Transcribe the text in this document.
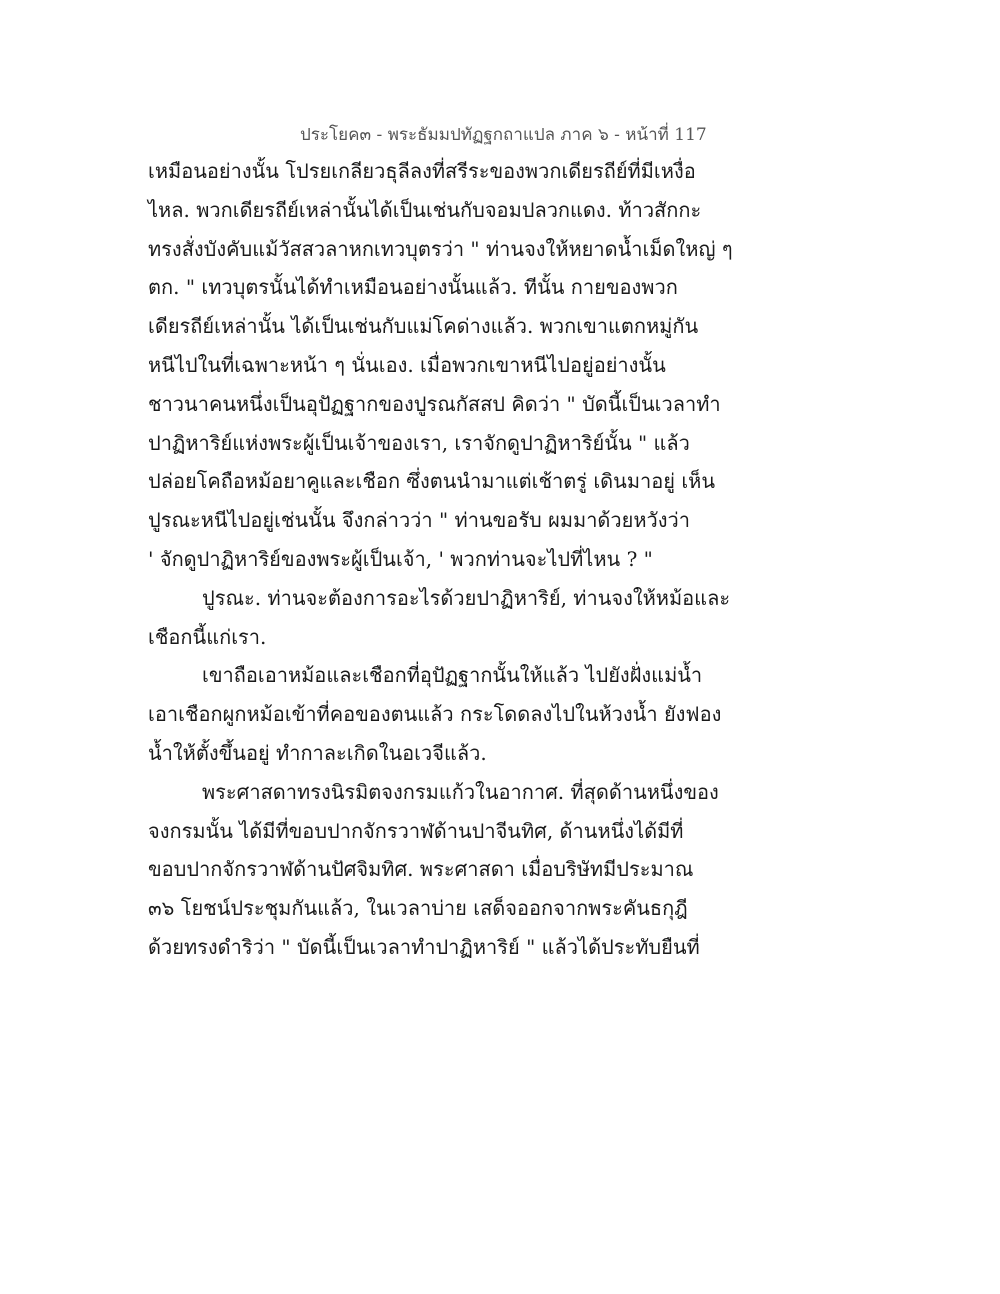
ประโยค๓ - พระธัมมปทัฏฐกถาแปล ภาค ๖ - หน้าที่ 117
เหมือนอย่างนั้น โปรยเกลียวธุลีลงที่สรีระของพวกเดียรถีย์ที่มีเหงื่อ
ไหล. พวกเดียรถีย์เหล่านั้นได้เป็นเช่นกับจอมปลวกแดง. ท้าวสักกะ
ทรงสั่งบังคับแม้วัสสวลาหกเทวบุตรว่า " ท่านจงให้หยาดน้ำเม็ดใหญ่ ๆ
ตก. " เทวบุตรนั้นได้ทำเหมือนอย่างนั้นแล้ว. ทีนั้น กายของพวก
เดียรถีย์เหล่านั้น ได้เป็นเช่นกับแม่โคด่างแล้ว. พวกเขาแตกหมู่กัน
หนีไปในที่เฉพาะหน้า ๆ นั่นเอง. เมื่อพวกเขาหนีไปอยู่อย่างนั้น
ชาวนาคนหนึ่งเป็นอุปัฏฐากของปูรณกัสสป คิดว่า " บัดนี้เป็นเวลาทำ
ปาฏิหาริย์แห่งพระผู้เป็นเจ้าของเรา, เราจักดูปาฏิหาริย์นั้น " แล้ว
ปล่อยโคถือหม้อยาคูและเชือก ซึ่งตนนำมาแต่เช้าตรู่ เดินมาอยู่ เห็น
ปูรณะหนีไปอยู่เช่นนั้น จึงกล่าวว่า " ท่านขอรับ ผมมาด้วยหวังว่า
' จักดูปาฏิหาริย์ของพระผู้เป็นเจ้า, ' พวกท่านจะไปที่ไหน ? "
ปูรณะ. ท่านจะต้องการอะไรด้วยปาฏิหาริย์, ท่านจงให้หม้อและ
เชือกนี้แก่เรา.
เขาถือเอาหม้อและเชือกที่อุปัฏฐากนั้นให้แล้ว ไปยังฝั่งแม่น้ำ
เอาเชือกผูกหม้อเข้าที่คอของตนแล้ว กระโดดลงไปในห้วงน้ำ ยังฟอง
น้ำให้ตั้งขึ้นอยู่ ทำกาละเกิดในอเวจีแล้ว.
พระศาสดาทรงนิรมิตจงกรมแก้วในอากาศ. ที่สุดด้านหนึ่งของ
จงกรมนั้น ได้มีที่ขอบปากจักรวาฬด้านปาจีนทิศ, ด้านหนึ่งได้มีที่
ขอบปากจักรวาฬด้านปัศจิมทิศ. พระศาสดา เมื่อบริษัทมีประมาณ
๓๖ โยชน์ประชุมกันแล้ว, ในเวลาบ่าย เสด็จออกจากพระคันธกุฎี
ด้วยทรงดำริว่า " บัดนี้เป็นเวลาทำปาฏิหาริย์ " แล้วได้ประทับยืนที่
